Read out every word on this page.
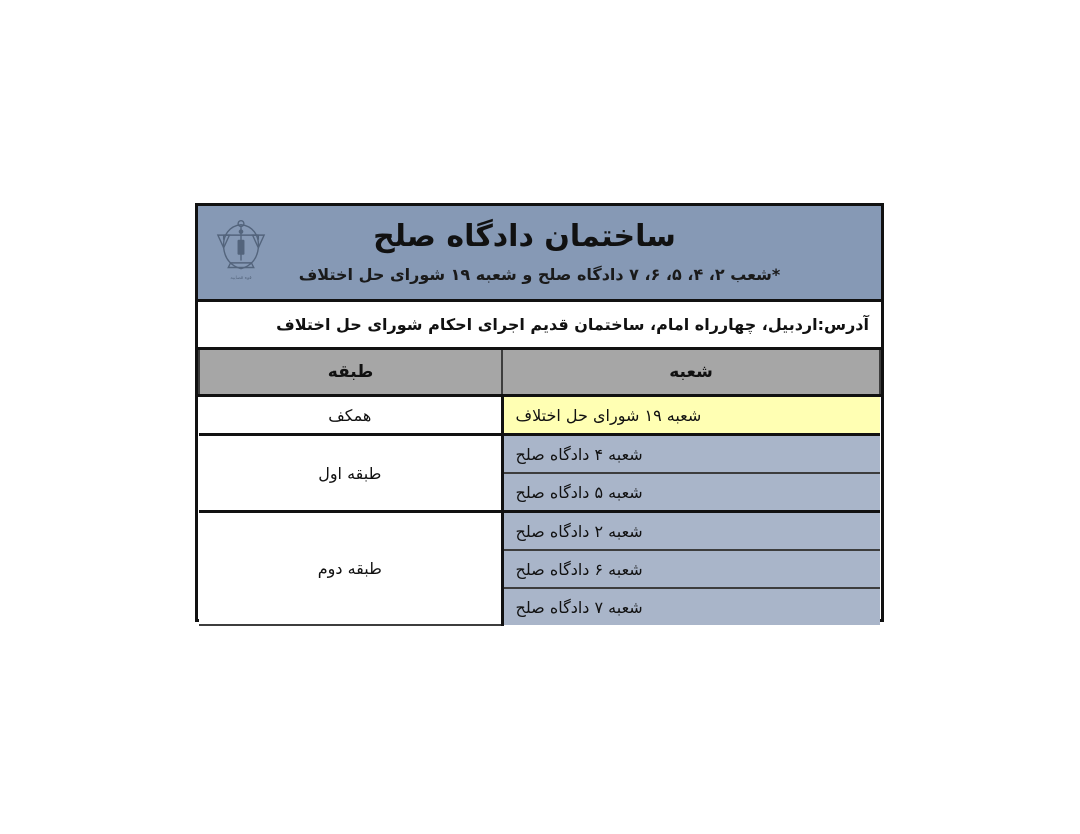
قوه قضاییه
ساختمان دادگاه صلح
*شعب ۲، ۴، ۵، ۶، ۷ دادگاه صلح و شعبه ۱۹ شورای حل اختلاف
آدرس:اردبیل، چهارراه امام، ساختمان قدیم اجرای احکام شورای حل اختلاف
شعبه	طبقه
شعبه ۱۹ شورای حل اختلاف	همکف
شعبه ۴ دادگاه صلح	طبقه اول
شعبه ۵ دادگاه صلح	
شعبه ۲ دادگاه صلح	طبقه دوم
شعبه ۶ دادگاه صلح	
شعبه ۷ دادگاه صلح	
